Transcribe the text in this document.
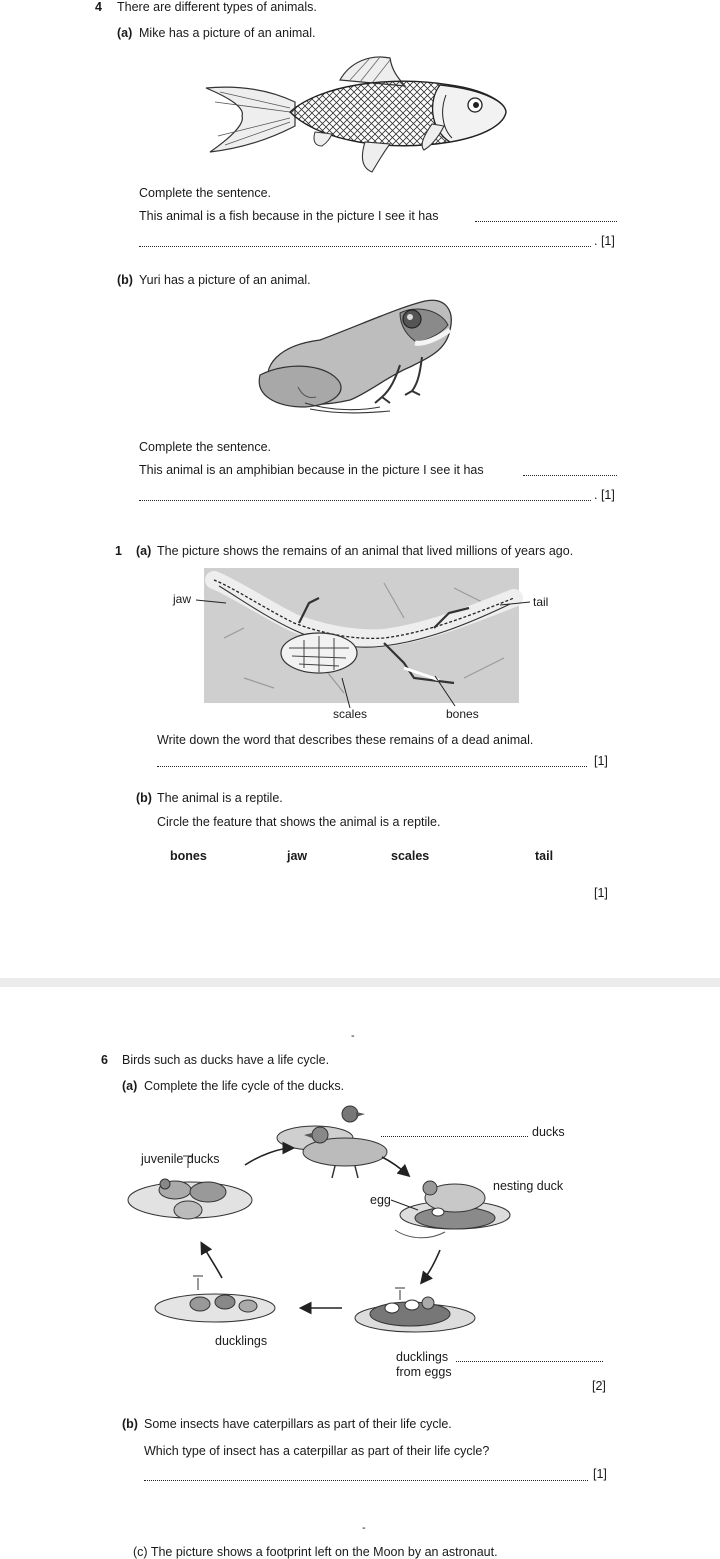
4 There are different types of animals.
(a) Mike has a picture of an animal.
Complete the sentence.
This animal is a fish because in the picture I see it has
. [1]
(b) Yuri has a picture of an animal.
Complete the sentence.
This animal is an amphibian because in the picture I see it has
. [1]
1 (a) The picture shows the remains of an animal that lived millions of years ago.
jaw	tail
scales	bones
Write down the word that describes these remains of a dead animal.
[1]
(b) The animal is a reptile.
Circle the feature that shows the animal is a reptile.
bones	jaw	scales	tail
[1]
-
6 Birds such as ducks have a life cycle.
(a) Complete the life cycle of the ducks.
ducks
juvenile ducks
nesting duck
egg
ducklings
ducklings
from eggs
[2]
(b) Some insects have caterpillars as part of their life cycle.
Which type of insect has a caterpillar as part of their life cycle?
[1]
-
(c) The picture shows a footprint left on the Moon by an astronaut.
